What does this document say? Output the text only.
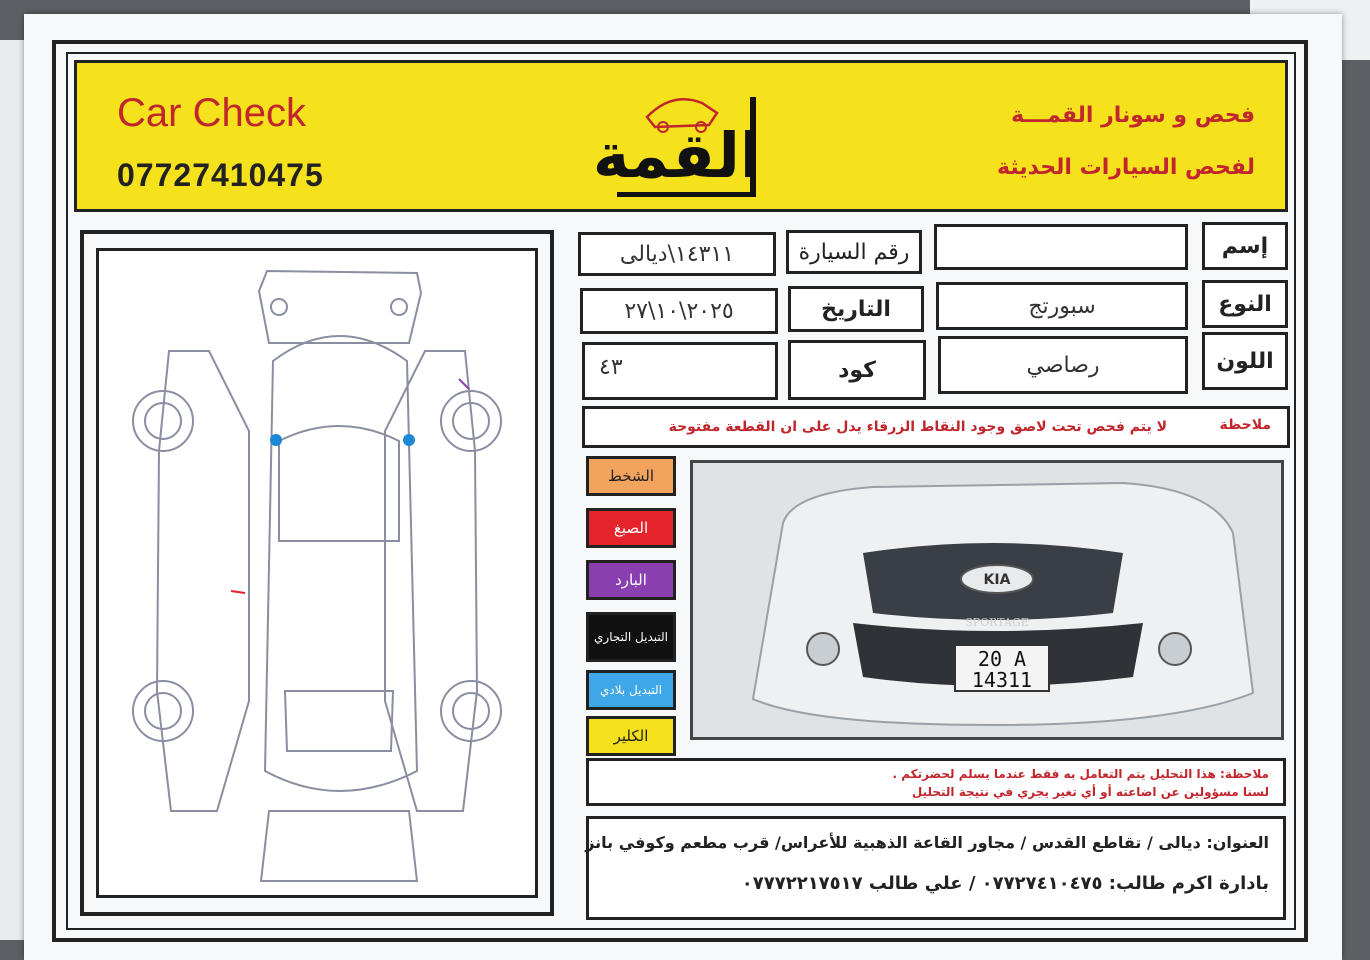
Car Check
07727410475	القمة
فحص و سونار القمـــة
لفحص السيارات الحديثة
إسم
رقم السيارة
١٤٣١١\ديالى
النوع
سبورتج
التاريخ
٢٠٢٥\١٠\٢٧
اللون
رصاصي
كود
٤٣
ملاحظة
لا يتم فحص تحت لاصق وجود النقاط الزرقاء يدل على ان القطعة مفتوحة
الشخط
الصبغ
البارد
التبديل التجاري
التبديل بلادي
الكلير
SPORTAGE
KIA
SPORTAGE
20 A
14311
ملاحظة: هذا التحليل يتم التعامل به فقط عندما يسلم لحضرتكم .
لسنا مسؤولين عن اضاعته أو أي تغير يجري في نتيجة التحليل
العنوان: ديالى / تقاطع القدس / مجاور القاعة الذهبية للأعراس/ قرب مطعم وكوفي بانز
بادارة اكرم طالب: ٠٧٧٢٧٤١٠٤٧٥ / علي طالب ٠٧٧٧٢٢١٧٥١٧
